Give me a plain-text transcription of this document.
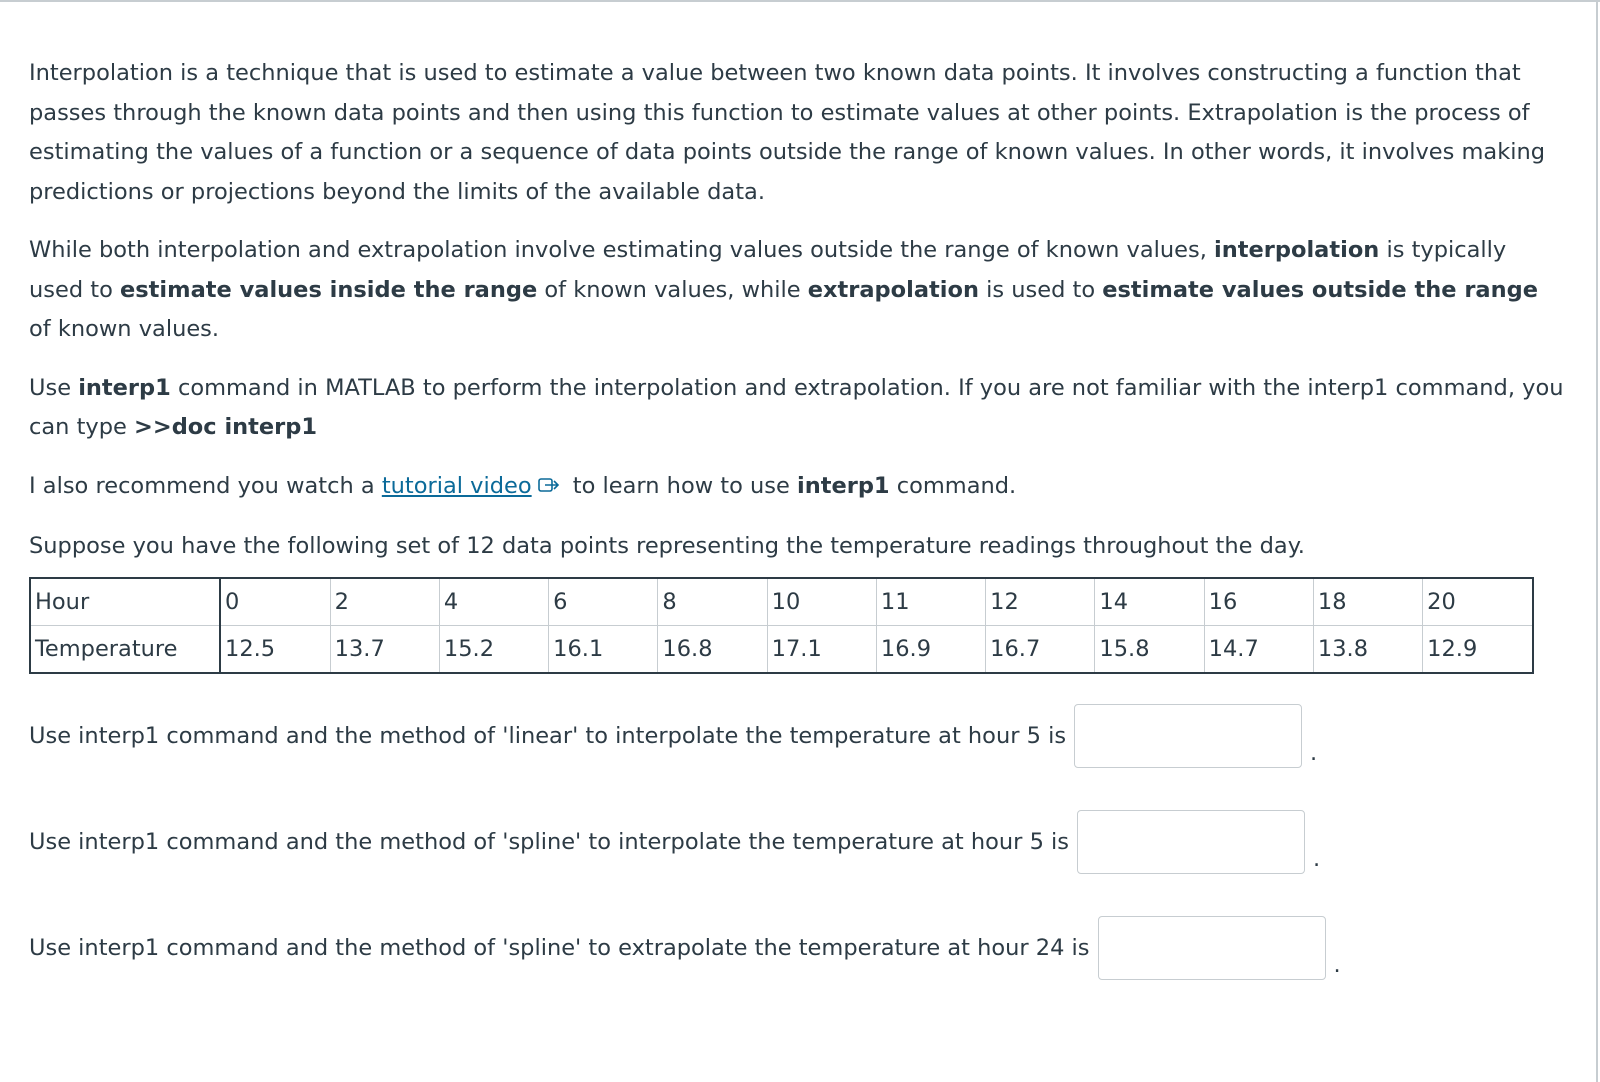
Interpolation is a technique that is used to estimate a value between two known data points. It involves constructing a function that passes through the known data points and then using this function to estimate values at other points. Extrapolation is the process of estimating the values of a function or a sequence of data points outside the range of known values. In other words, it involves making predictions or projections beyond the limits of the available data.

While both interpolation and extrapolation involve estimating values outside the range of known values, interpolation is typically used to estimate values inside the range of known values, while extrapolation is used to estimate values outside the range of known values.

Use interp1 command in MATLAB to perform the interpolation and extrapolation. If you are not familiar with the interp1 command, you can type >>doc interp1

I also recommend you watch a tutorial video to learn how to use interp1 command.

Suppose you have the following set of 12 data points representing the temperature readings throughout the day.

Hour	0	2	4	6	8	10	11	12	14	16	18	20
Temperature	12.5	13.7	15.2	16.1	16.8	17.1	16.9	16.7	15.8	14.7	13.8	12.9
Use interp1 command and the method of 'linear' to interpolate the temperature at hour 5 is
.
Use interp1 command and the method of 'spline' to interpolate the temperature at hour 5 is
.
Use interp1 command and the method of 'spline' to extrapolate the temperature at hour 24 is
.
